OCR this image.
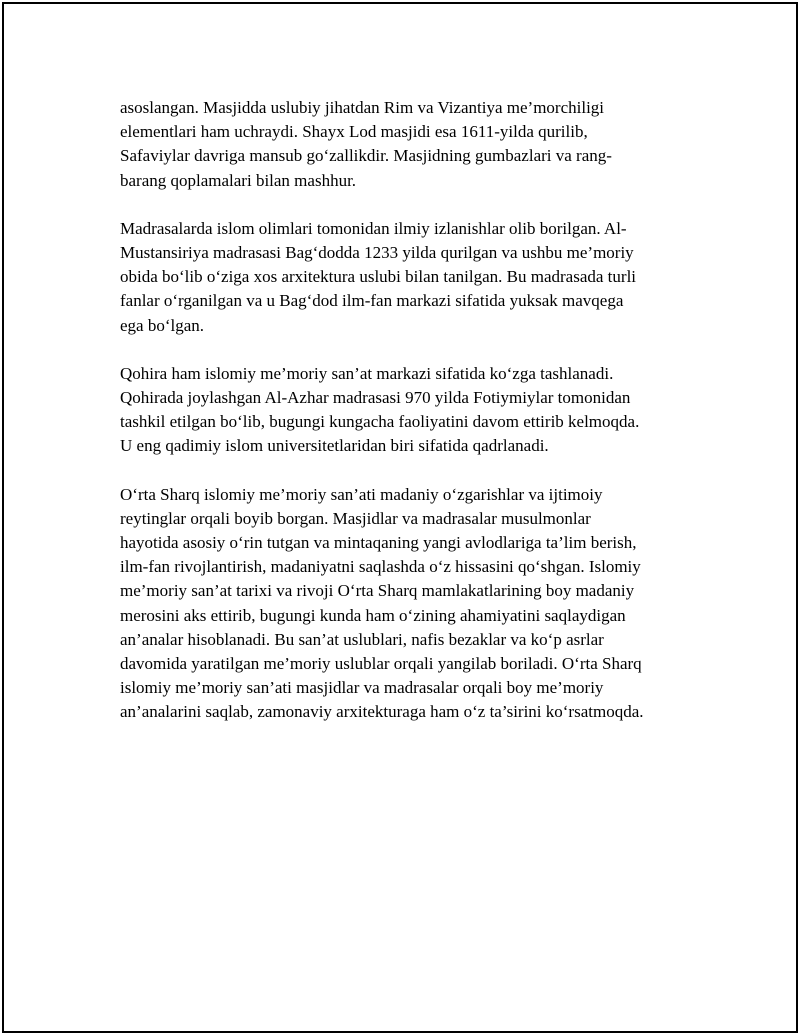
asoslangan. Masjidda uslubiy jihatdan Rim va Vizantiya me’morchiligi
elementlari ham uchraydi. Shayx Lod masjidi esa 1611-yilda qurilib,
Safaviylar davriga mansub go‘zallikdir. Masjidning gumbazlari va rang-
barang qoplamalari bilan mashhur.

Madrasalarda islom olimlari tomonidan ilmiy izlanishlar olib borilgan. Al-
Mustansiriya madrasasi Bag‘dodda 1233 yilda qurilgan va ushbu me’moriy
obida bo‘lib o‘ziga xos arxitektura uslubi bilan tanilgan. Bu madrasada turli
fanlar o‘rganilgan va u Bag‘dod ilm-fan markazi sifatida yuksak mavqega
ega bo‘lgan.

Qohira ham islomiy me’moriy san’at markazi sifatida ko‘zga tashlanadi.
Qohirada joylashgan Al-Azhar madrasasi 970 yilda Fotiymiylar tomonidan
tashkil etilgan bo‘lib, bugungi kungacha faoliyatini davom ettirib kelmoqda.
U eng qadimiy islom universitetlaridan biri sifatida qadrlanadi.

O‘rta Sharq islomiy me’moriy san’ati madaniy o‘zgarishlar va ijtimoiy
reytinglar orqali boyib borgan. Masjidlar va madrasalar musulmonlar
hayotida asosiy o‘rin tutgan va mintaqaning yangi avlodlariga ta’lim berish,
ilm-fan rivojlantirish, madaniyatni saqlashda o‘z hissasini qo‘shgan. Islomiy
me’moriy san’at tarixi va rivoji O‘rta Sharq mamlakatlarining boy madaniy
merosini aks ettirib, bugungi kunda ham o‘zining ahamiyatini saqlaydigan
an’analar hisoblanadi. Bu san’at uslublari, nafis bezaklar va ko‘p asrlar
davomida yaratilgan me’moriy uslublar orqali yangilab boriladi. O‘rta Sharq
islomiy me’moriy san’ati masjidlar va madrasalar orqali boy me’moriy
an’analarini saqlab, zamonaviy arxitekturaga ham o‘z ta’sirini ko‘rsatmoqda.
